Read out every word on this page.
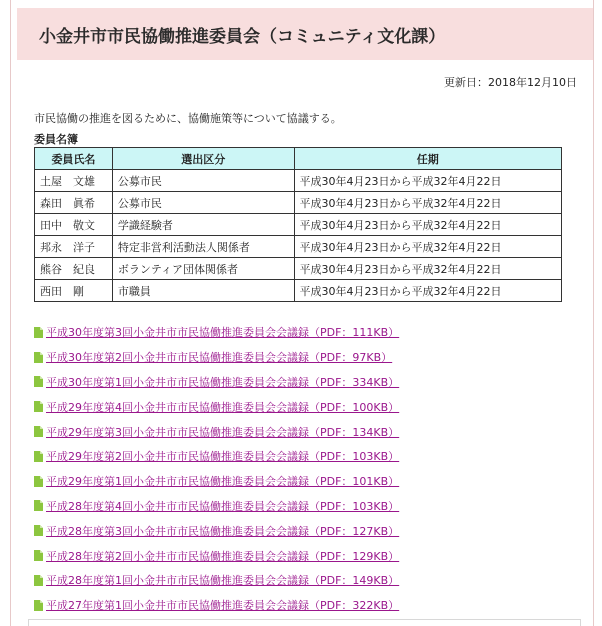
小金井市市民協働推進委員会（コミュニティ文化課）
更新日：2018年12月10日
市民協働の推進を図るために、協働施策等について協議する。
委員名簿
委員氏名	選出区分	任期
土屋　文雄	公募市民	平成30年4月23日から平成32年4月22日
森田　眞希	公募市民	平成30年4月23日から平成32年4月22日
田中　敬文	学識経験者	平成30年4月23日から平成32年4月22日
邦永　洋子	特定非営利活動法人関係者	平成30年4月23日から平成32年4月22日
熊谷　紀良	ボランティア団体関係者	平成30年4月23日から平成32年4月22日
西田　剛	市職員	平成30年4月23日から平成32年4月22日
平成30年度第3回小金井市市民協働推進委員会会議録（PDF：111KB）
平成30年度第2回小金井市市民協働推進委員会会議録（PDF：97KB）
平成30年度第1回小金井市市民協働推進委員会会議録（PDF：334KB）
平成29年度第4回小金井市市民協働推進委員会会議録（PDF：100KB）
平成29年度第3回小金井市市民協働推進委員会会議録（PDF：134KB）
平成29年度第2回小金井市市民協働推進委員会会議録（PDF：103KB）
平成29年度第1回小金井市市民協働推進委員会会議録（PDF：101KB）
平成28年度第4回小金井市市民協働推進委員会会議録（PDF：103KB）
平成28年度第3回小金井市市民協働推進委員会会議録（PDF：127KB）
平成28年度第2回小金井市市民協働推進委員会会議録（PDF：129KB）
平成28年度第1回小金井市市民協働推進委員会会議録（PDF：149KB）
平成27年度第1回小金井市市民協働推進委員会会議録（PDF：322KB）
